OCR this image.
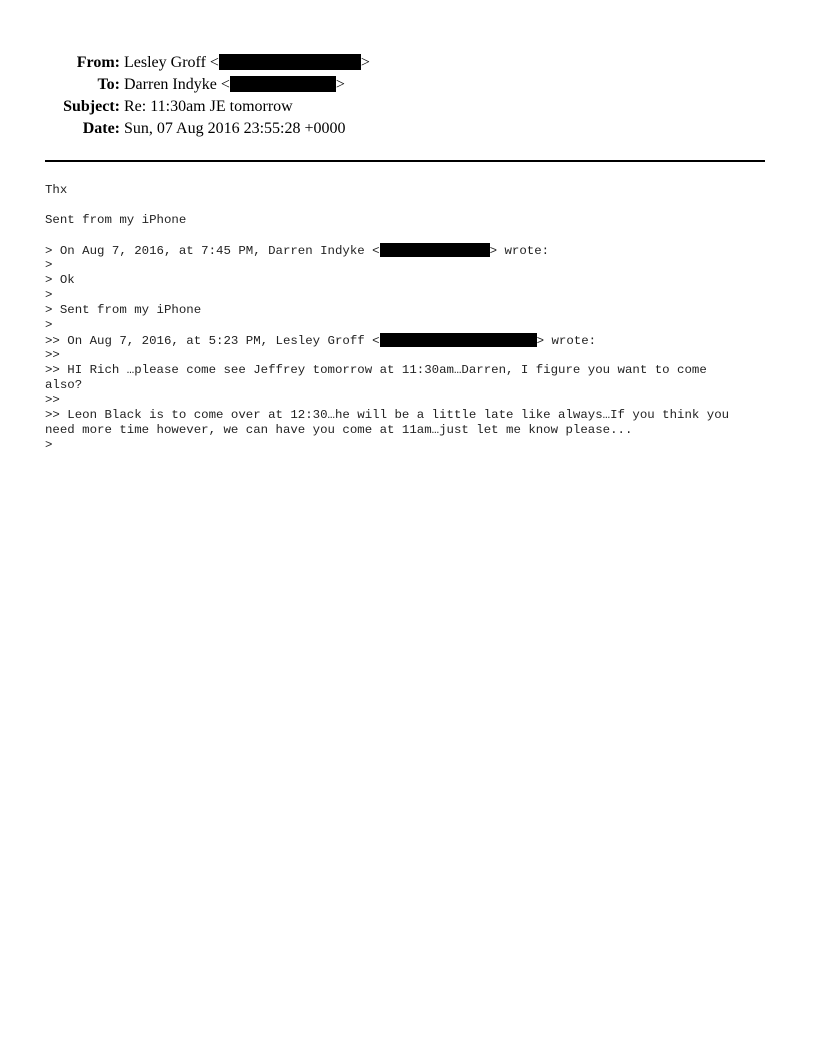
From: Lesley Groff <	>
To: Darren Indyke <	>
Subject: Re: 11:30am JE tomorrow
Date: Sun, 07 Aug 2016 23:55:28 +0000
Thx

Sent from my iPhone

> On Aug 7, 2016, at 7:45 PM, Darren Indyke <	> wrote:
>
> Ok
>
> Sent from my iPhone
>
>> On Aug 7, 2016, at 5:23 PM, Lesley Groff <	> wrote:
>>
>> HI Rich …please come see Jeffrey tomorrow at 11:30am…Darren, I figure you want to come
also?
>>
>> Leon Black is to come over at 12:30…he will be a little late like always…If you think you
need more time however, we can have you come at 11am…just let me know please...
>
